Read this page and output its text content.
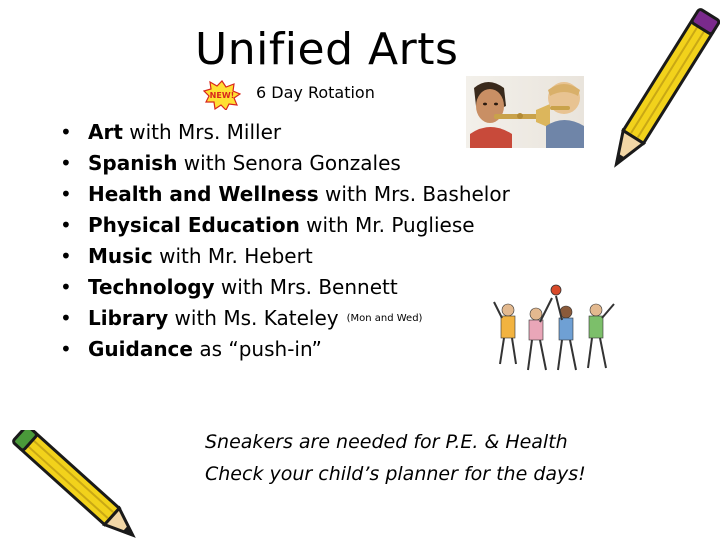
Unified Arts
NEW! 6 Day Rotation
• Art with Mrs. Miller
• Spanish with Senora Gonzales
• Health and Wellness with Mrs. Bashelor
• Physical Education with Mr. Pugliese
• Music with Mr. Hebert
• Technology with Mrs. Bennett
• Library with Ms. Kateley (Mon and Wed)
• Guidance as “push-in”
Sneakers are needed for P.E. & Health
Check your child’s planner for the days!
